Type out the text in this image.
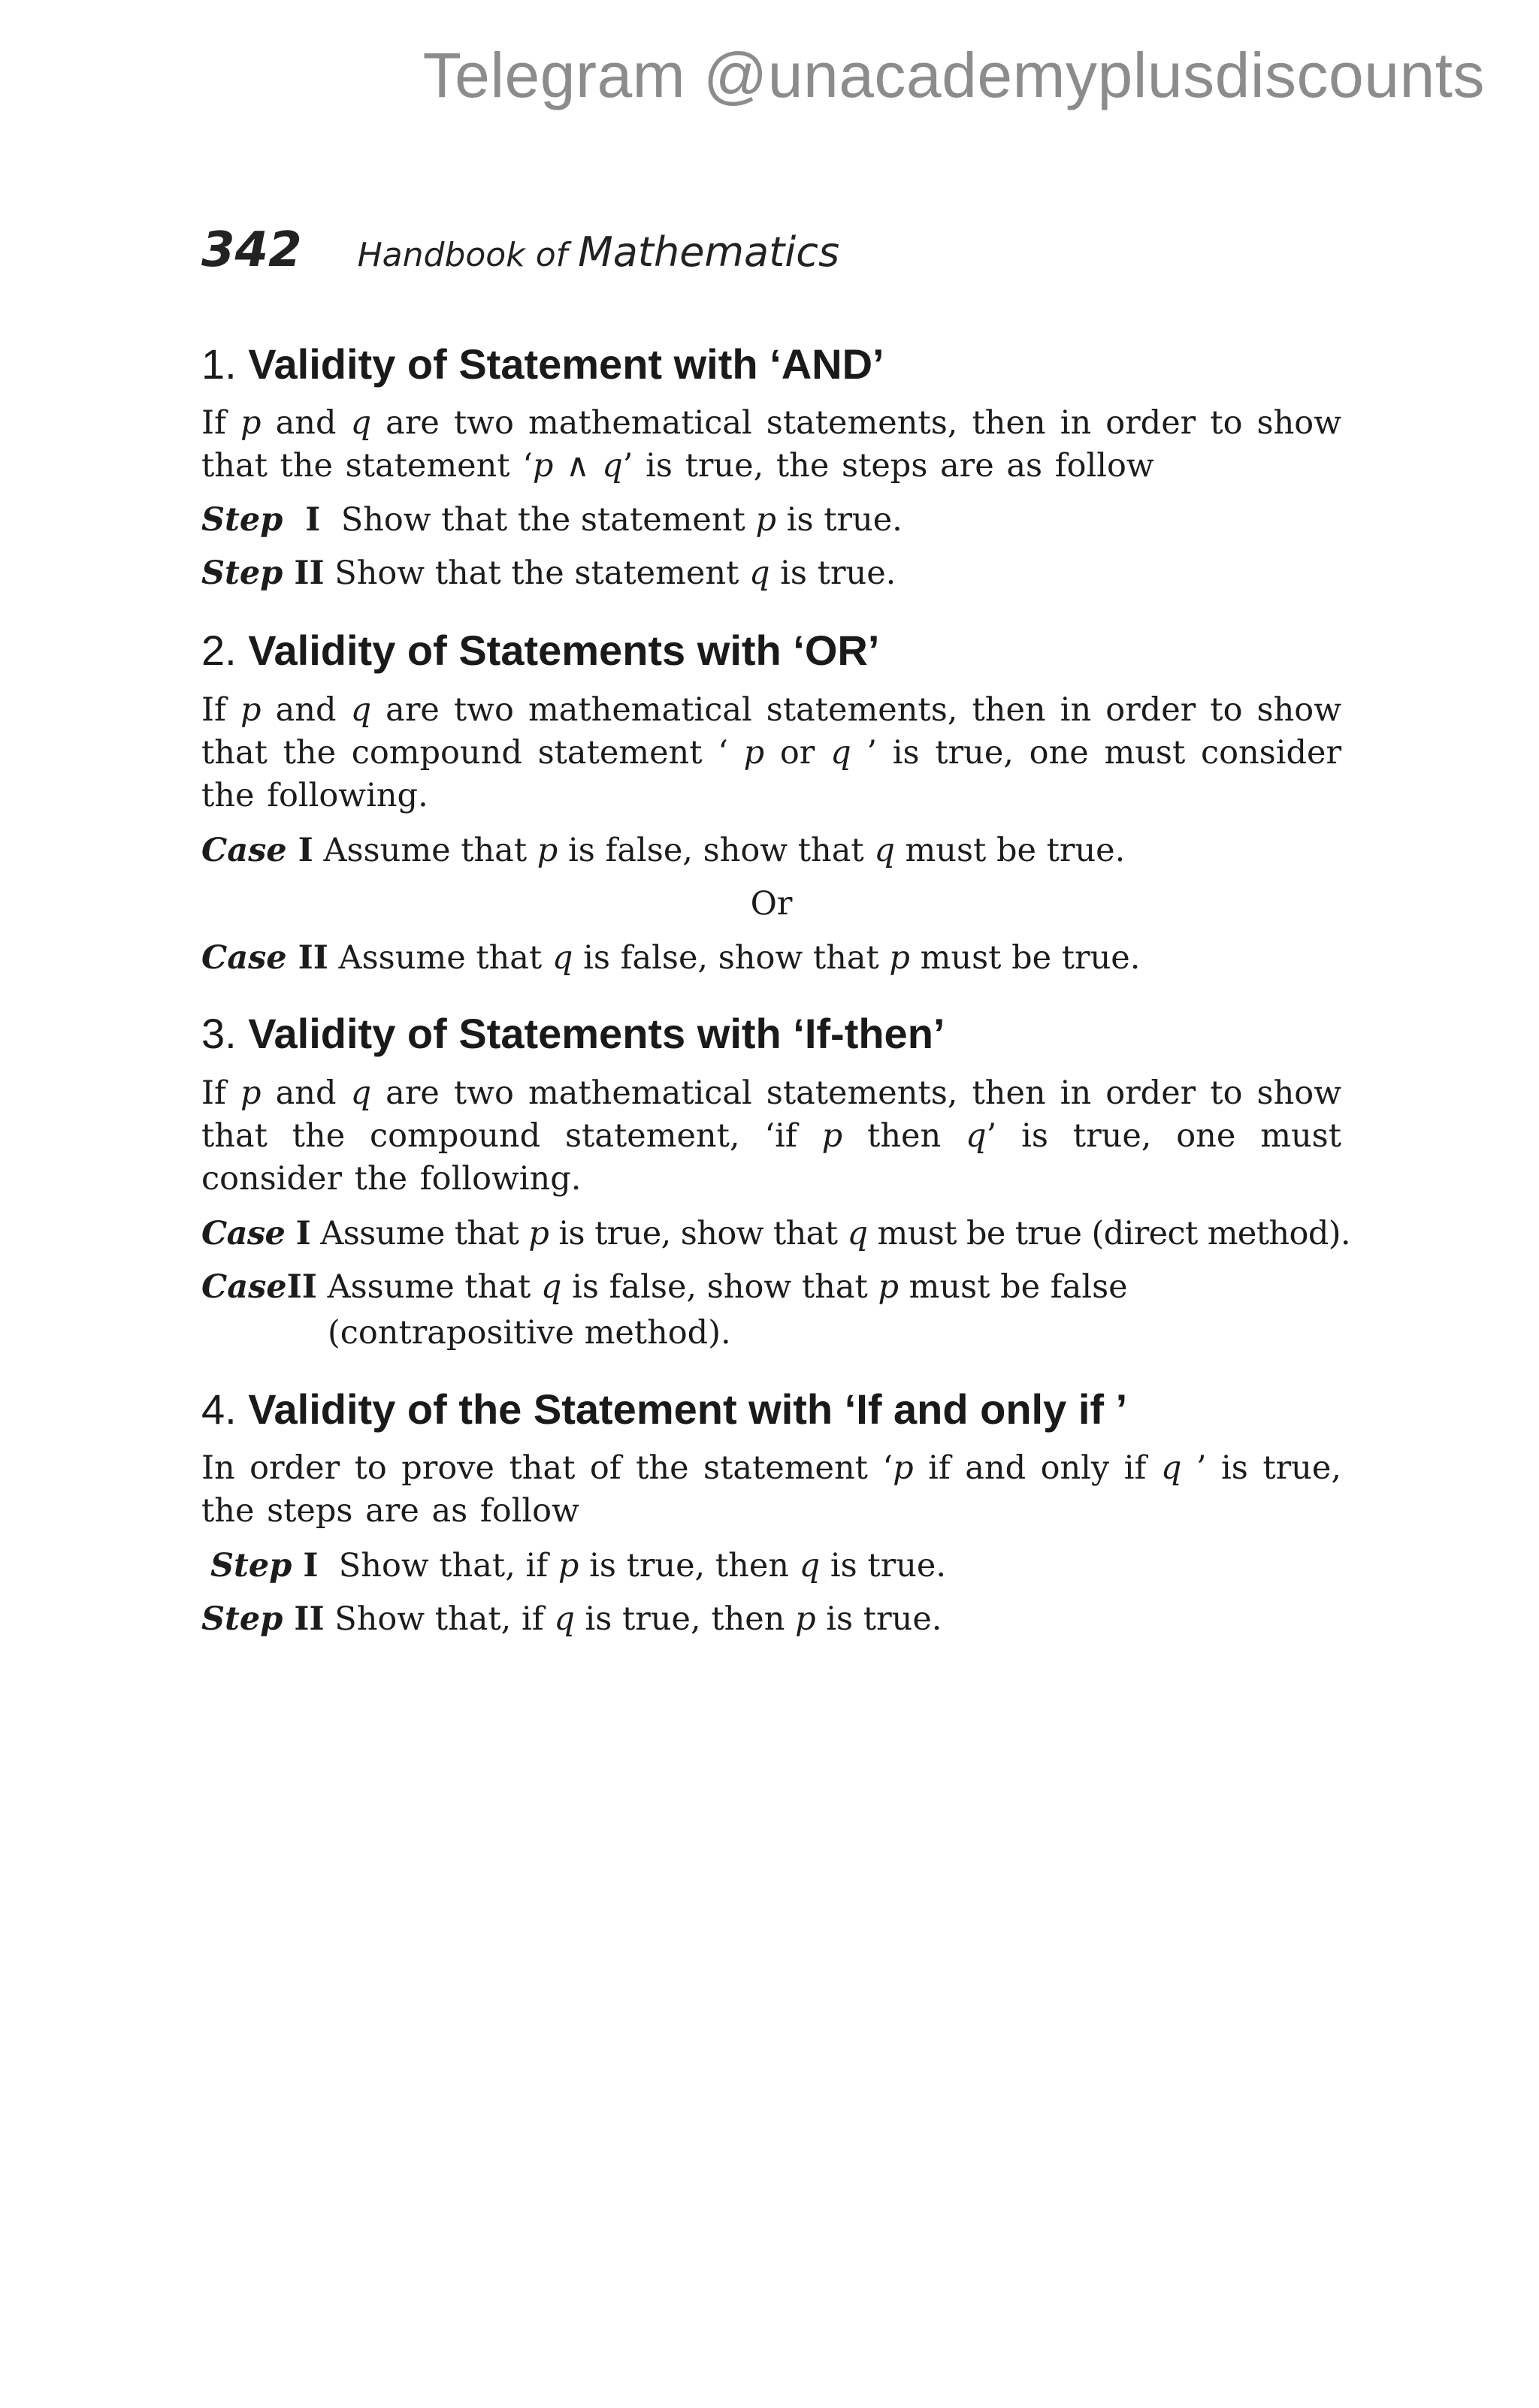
Telegram @unacademyplusdiscounts
342 Handbook of Mathematics
1. Validity of Statement with ‘AND’
If p and q are two mathematical statements, then in order to show that the statement ‘p ∧ q’ is true, the steps are as follow
Step I Show that the statement p is true.
Step II Show that the statement q is true.
2. Validity of Statements with ‘OR’
If p and q are two mathematical statements, then in order to show that the compound statement ‘ p or q ’ is true, one must consider the following.
Case I Assume that p is false, show that q must be true.
Or
Case II Assume that q is false, show that p must be true.
3. Validity of Statements with ‘If-then’
If p and q are two mathematical statements, then in order to show that the compound statement, ‘if p then q’ is true, one must consider the following.
Case I Assume that p is true, show that q must be true (direct method).
CaseII Assume that q is false, show that p must be false
(contrapositive method).
4. Validity of the Statement with ‘If and only if ’
In order to prove that of the statement ‘p if and only if q ’ is true, the steps are as follow
Step I Show that, if p is true, then q is true.
Step II Show that, if q is true, then p is true.
